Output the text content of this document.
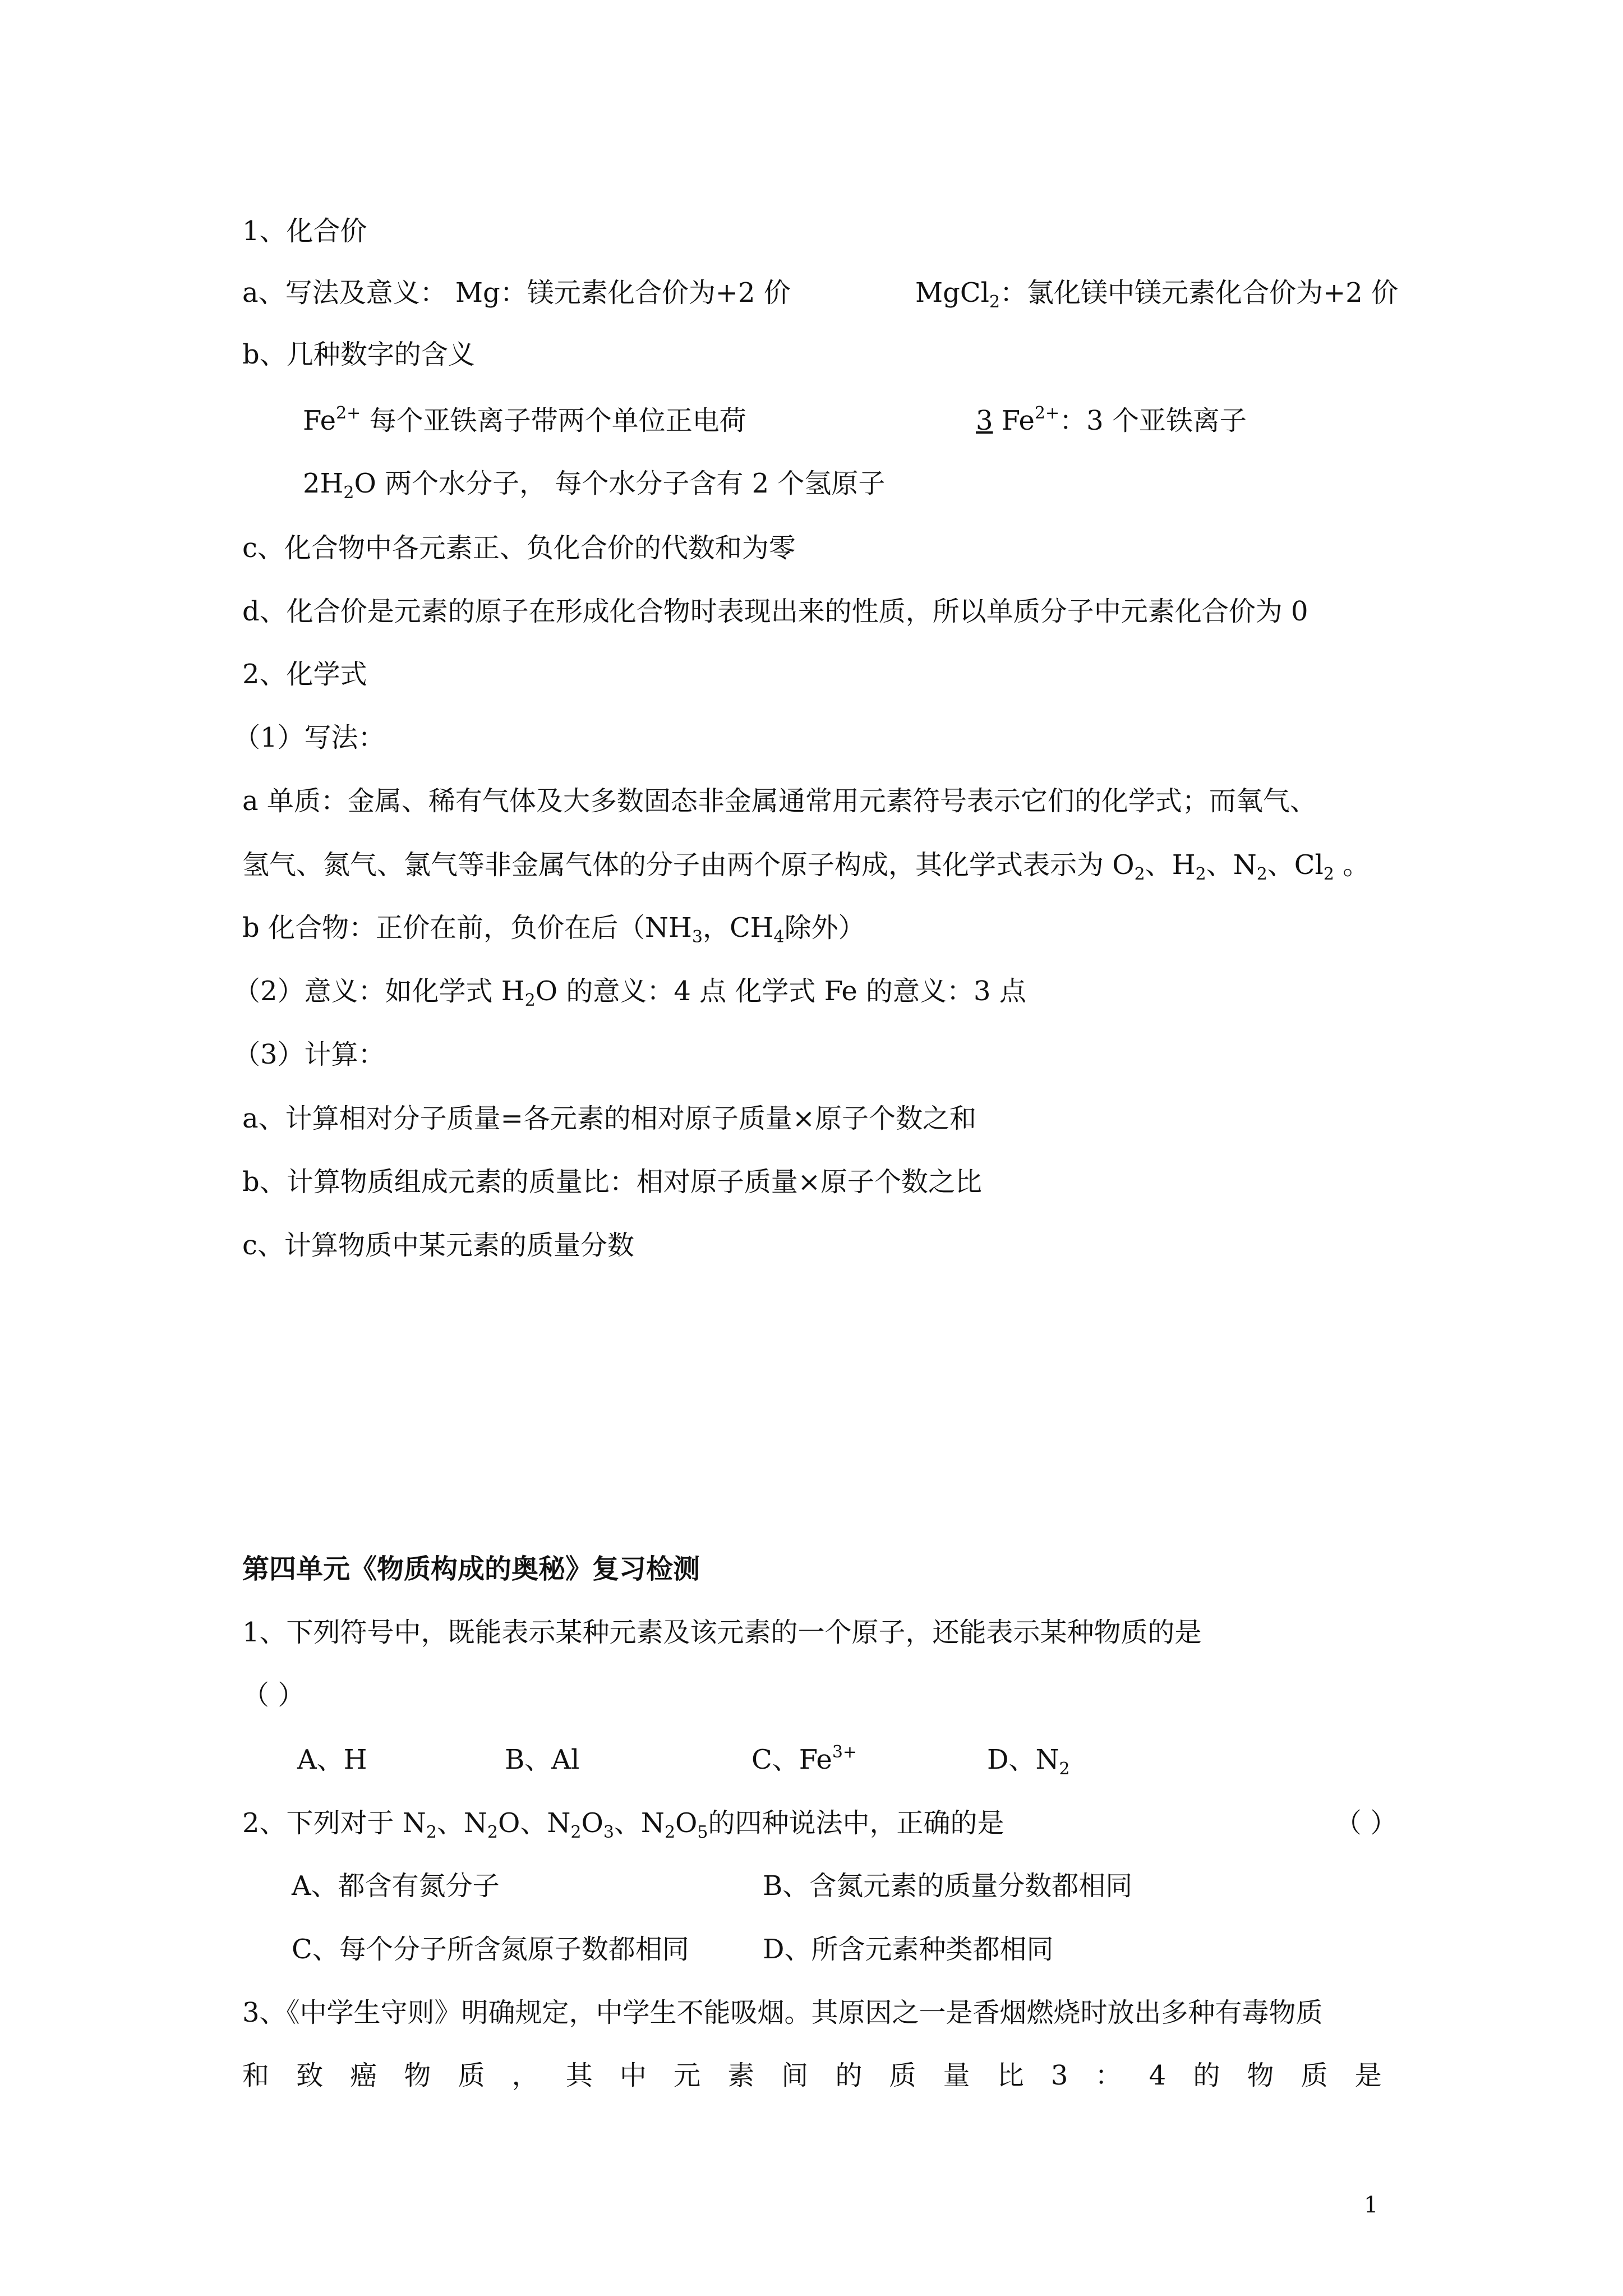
1、化合价
a、写法及意义： Mg：镁元素化合价为+2 价	MgCl$_2$：氯化镁中镁元素化合价为+2 价
b、几种数字的含义
$Fe^{2+}$ 每个亚铁离子带两个单位正电荷	3 $Fe^{2+}$：3 个亚铁离子
$2H_2O$ 两个水分子， 每个水分子含有 2 个氢原子
c、化合物中各元素正、负化合价的代数和为零
d、化合价是元素的原子在形成化合物时表现出来的性质，所以单质分子中元素化合价为 0
2、化学式
（1）写法：
a 单质：金属、稀有气体及大多数固态非金属通常用元素符号表示它们的化学式；而氧气、
氢气、氮气、氯气等非金属气体的分子由两个原子构成，其化学式表示为 $O_2$、$H_2$、$N_2$、$Cl_2$ 。
b 化合物：正价在前，负价在后（$NH_3$，$CH_4$除外）
（2）意义：如化学式 $H_2O$ 的意义：4 点 化学式 Fe 的意义：3 点
（3）计算：
a、计算相对分子质量=各元素的相对原子质量×原子个数之和
b、计算物质组成元素的质量比：相对原子质量×原子个数之比
c、计算物质中某元素的质量分数
第四单元《物质构成的奥秘》复习检测
1、下列符号中，既能表示某种元素及该元素的一个原子，还能表示某种物质的是
（ ）
A、H	B、Al	C、$Fe^{3+}$	D、$N_2$
2、下列对于 $N_2$、$N_2O$、$N_2O_3$、$N_2O_5$的四种说法中，正确的是	（ ）
A、都含有氮分子	B、含氮元素的质量分数都相同
C、每个分子所含氮原子数都相同	D、所含元素种类都相同
3、《中学生守则》明确规定，中学生不能吸烟。其原因之一是香烟燃烧时放出多种有毒物质
和 致 癌 物 质 ， 其 中 元 素 间 的 质 量 比 3 ： 4 的 物 质 是
1
